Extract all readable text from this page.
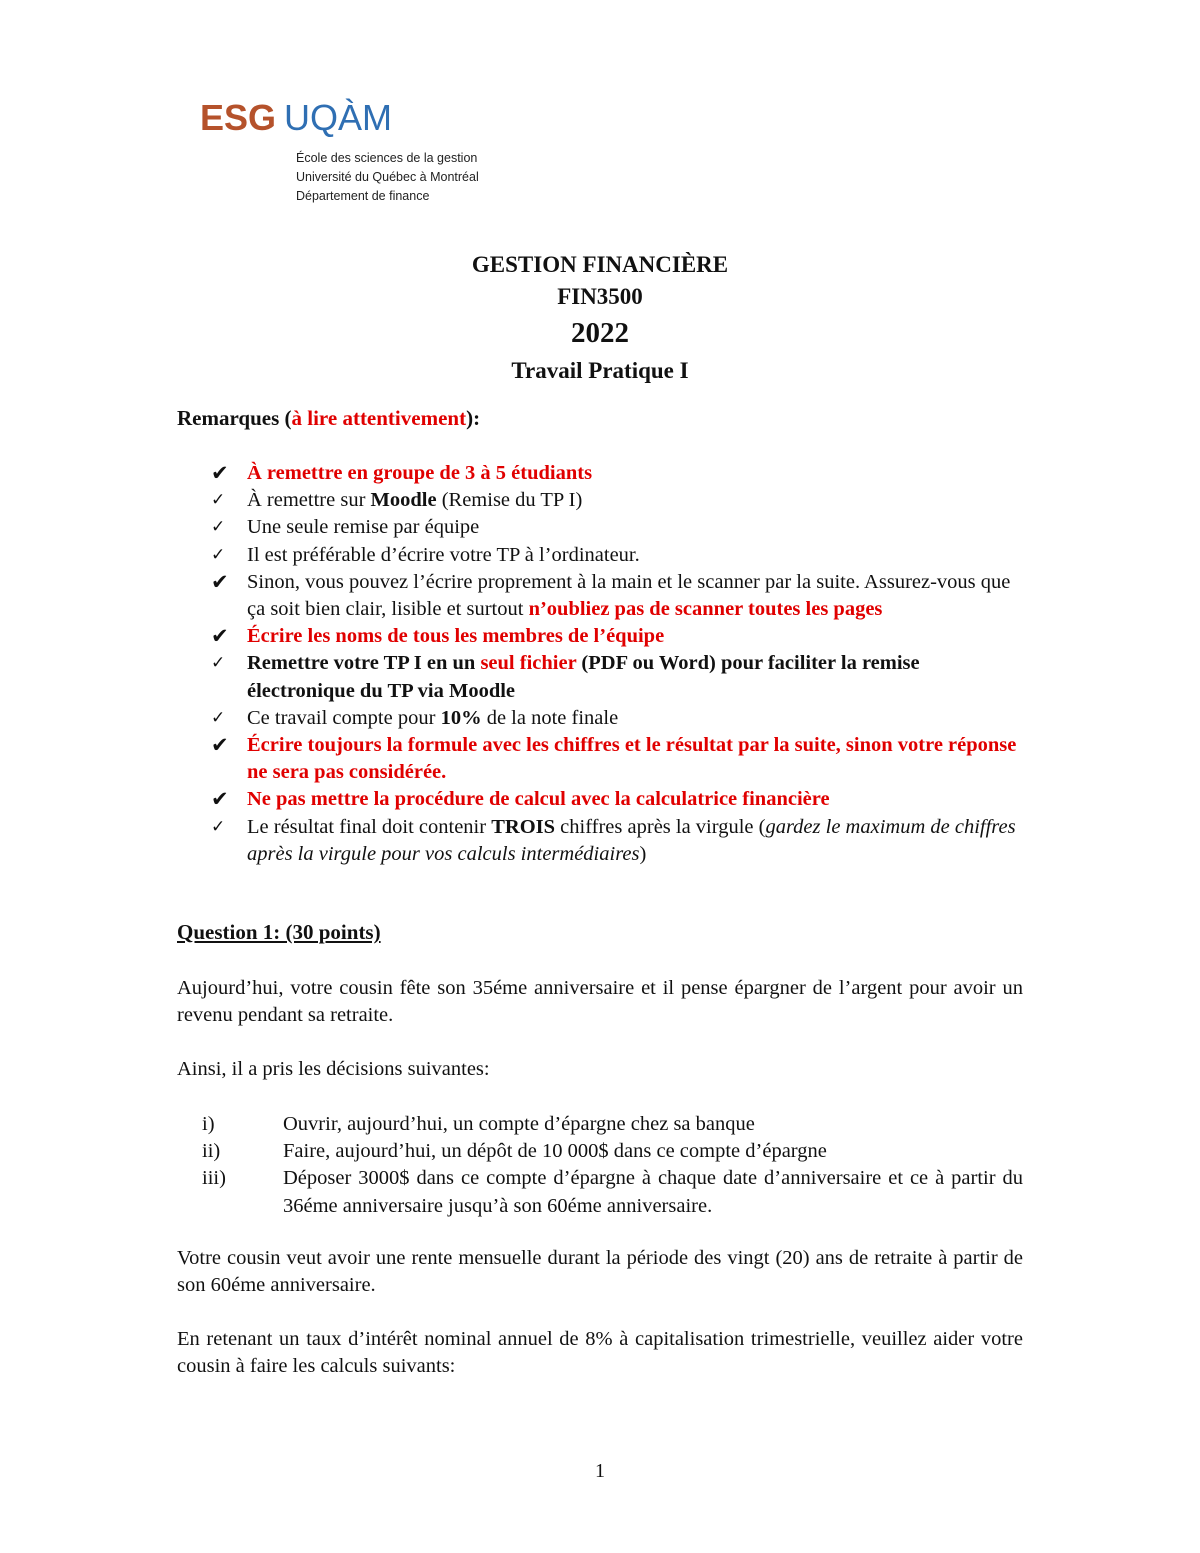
ESG UQÀM
École des sciences de la gestion
Université du Québec à Montréal
Département de finance
GESTION FINANCIÈRE
FIN3500
2022
Travail Pratique I
Remarques (à lire attentivement):
✔ À remettre en groupe de 3 à 5 étudiants
✓	À remettre sur Moodle (Remise du TP I)
✓	Une seule remise par équipe
✓	Il est préférable d’écrire votre TP à l’ordinateur.
✔ Sinon, vous pouvez l’écrire proprement à la main et le scanner par la suite. Assurez-vous que ça soit bien clair, lisible et surtout n’oubliez pas de scanner toutes les pages
✔ Écrire les noms de tous les membres de l’équipe
✓	Remettre votre TP I en un seul fichier (PDF ou Word) pour faciliter la remise électronique du TP via Moodle
✓	Ce travail compte pour 10% de la note finale
✔ Écrire toujours la formule avec les chiffres et le résultat par la suite, sinon votre réponse ne sera pas considérée.
✔ Ne pas mettre la procédure de calcul avec la calculatrice financière
✓	Le résultat final doit contenir TROIS chiffres après la virgule (gardez le maximum de chiffres après la virgule pour vos calculs intermédiaires)
Question 1: (30 points)
Aujourd’hui, votre cousin fête son 35éme anniversaire et il pense épargner de l’argent pour avoir un revenu pendant sa retraite.
Ainsi, il a pris les décisions suivantes:
i)	Ouvrir, aujourd’hui, un compte d’épargne chez sa banque
ii)	Faire, aujourd’hui, un dépôt de 10 000$ dans ce compte d’épargne
iii)	Déposer 3000$ dans ce compte d’épargne à chaque date d’anniversaire et ce à partir du 36éme anniversaire jusqu’à son 60éme anniversaire.
Votre cousin veut avoir une rente mensuelle durant la période des vingt (20) ans de retraite à partir de son 60éme anniversaire.
En retenant un taux d’intérêt nominal annuel de 8% à capitalisation trimestrielle, veuillez aider votre cousin à faire les calculs suivants:
1
